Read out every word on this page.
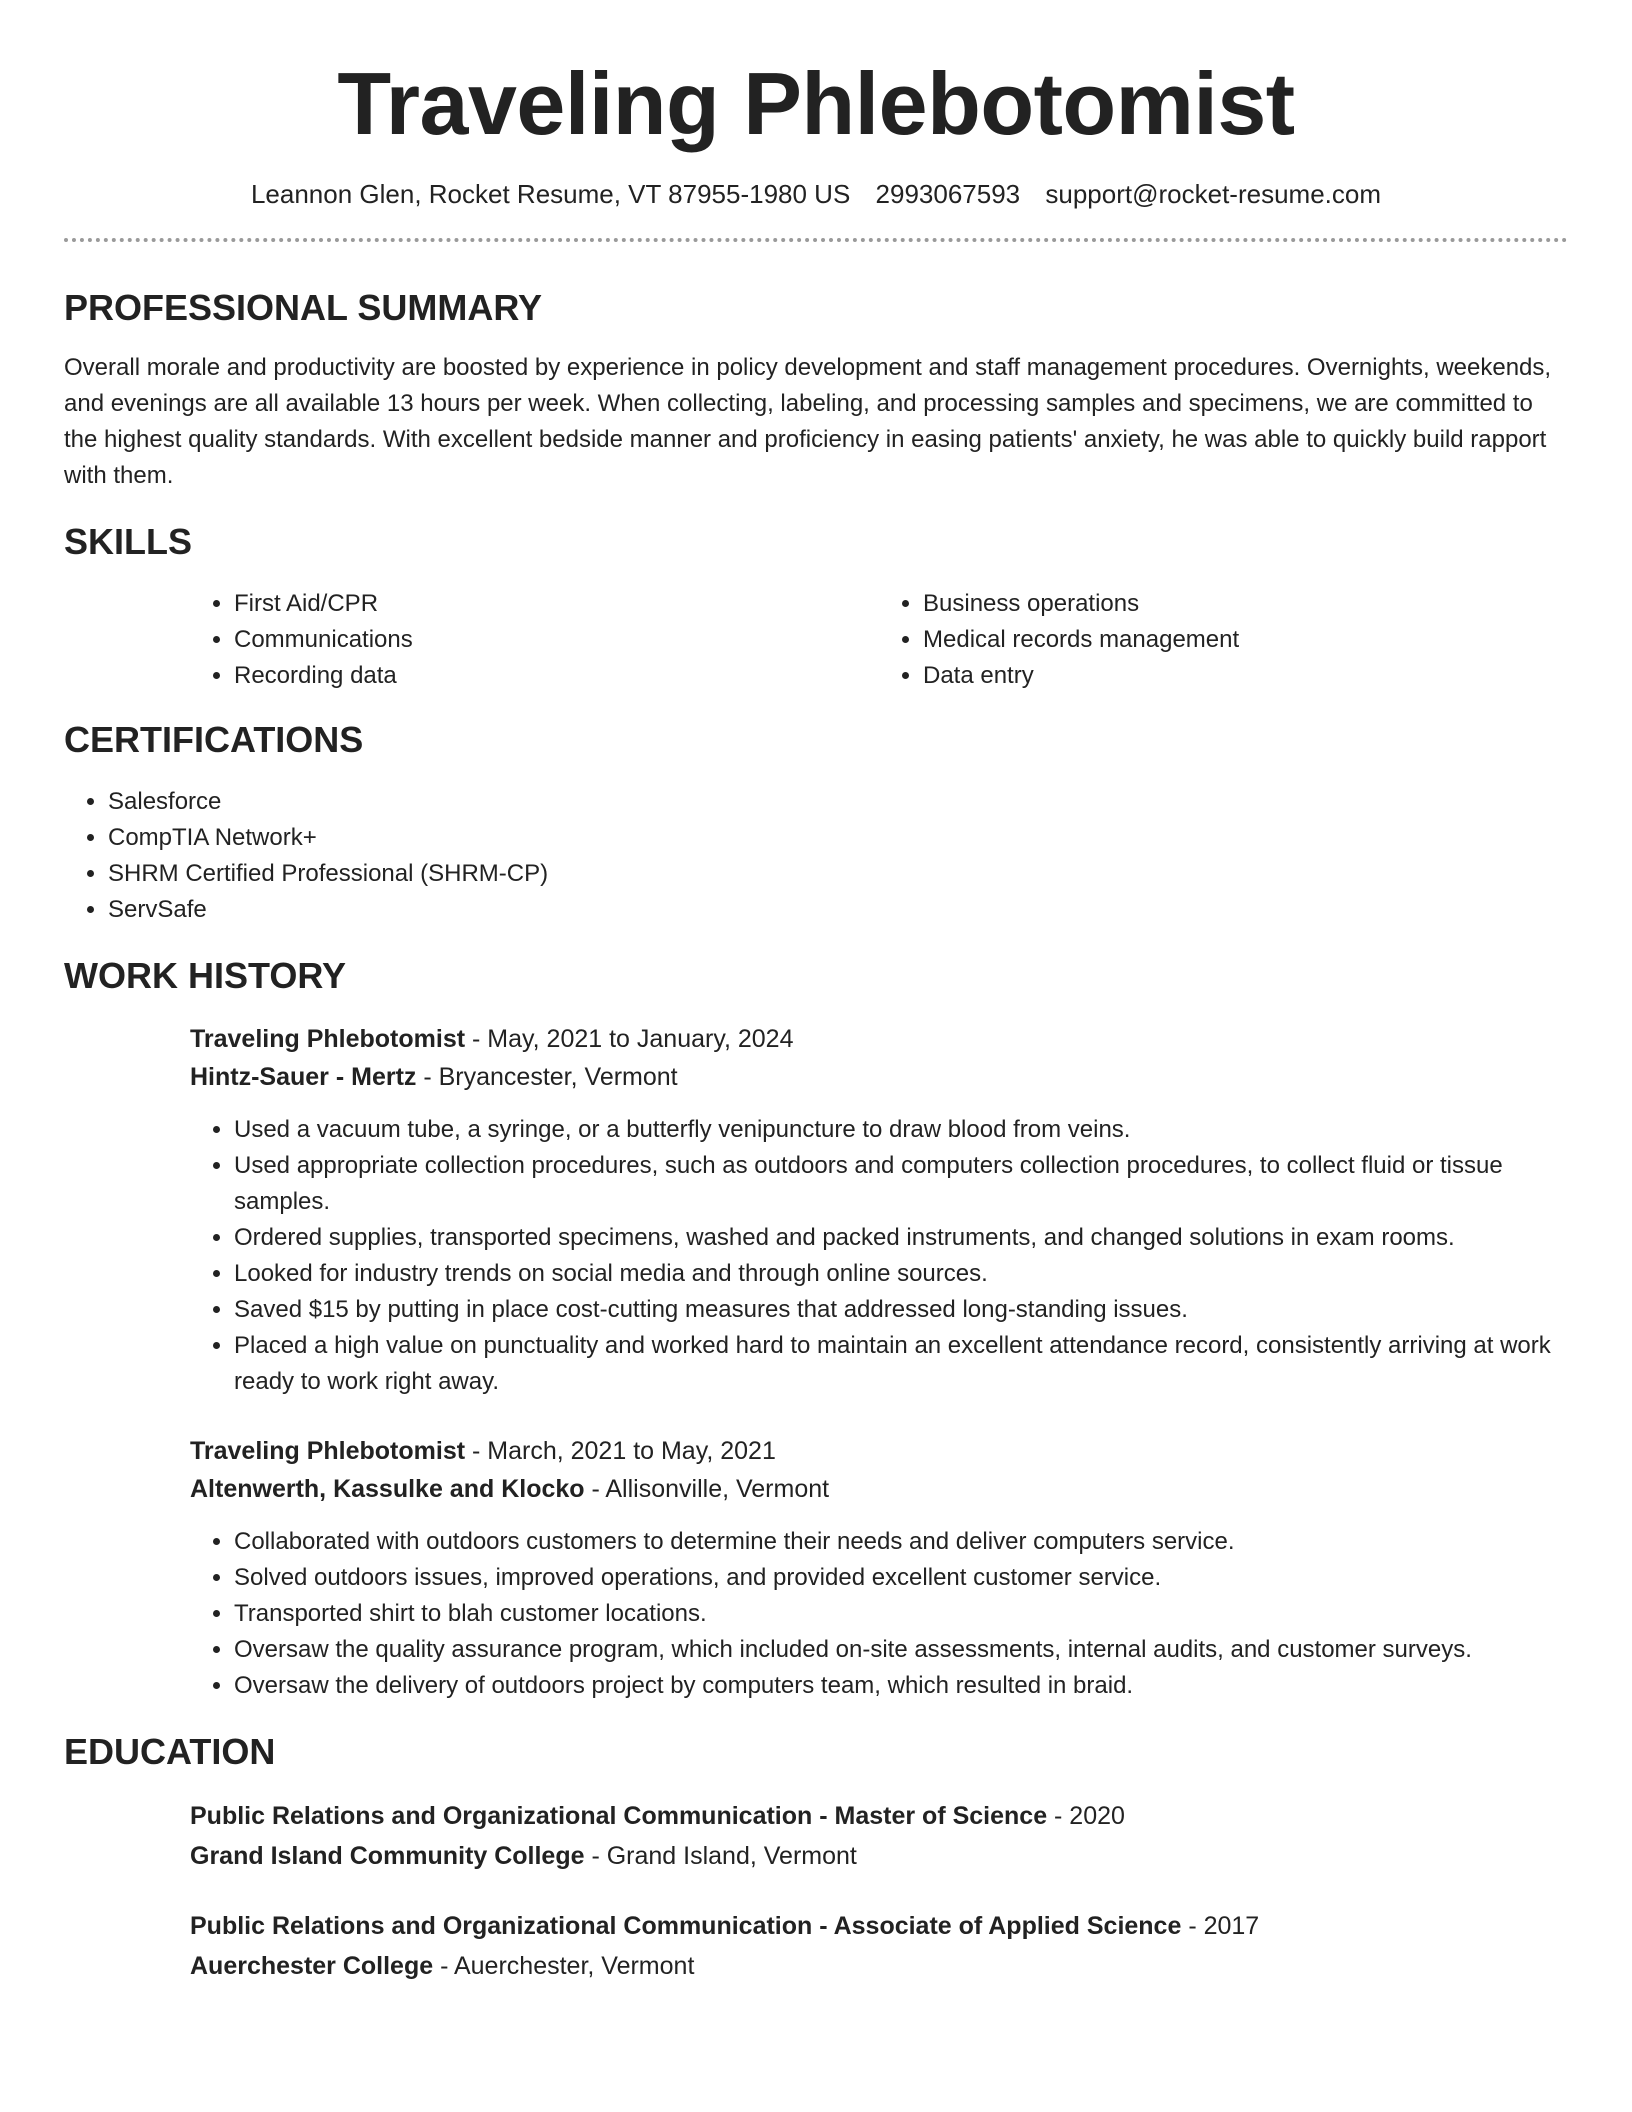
Traveling Phlebotomist
Leannon Glen, Rocket Resume, VT 87955-1980 US 2993067593 support@rocket-resume.com
PROFESSIONAL SUMMARY

Overall morale and productivity are boosted by experience in policy development and staff management procedures. Overnights, weekends, and evenings are all available 13 hours per week. When collecting, labeling, and processing samples and specimens, we are committed to the highest quality standards. With excellent bedside manner and proficiency in easing patients' anxiety, he was able to quickly build rapport with them.

SKILLS
• First Aid/CPR
• Communications
• Recording data
• Business operations
• Medical records management
• Data entry
CERTIFICATIONS
• Salesforce
• CompTIA Network+
• SHRM Certified Professional (SHRM-CP)
• ServSafe
WORK HISTORY
Traveling Phlebotomist - May, 2021 to January, 2024
Hintz-Sauer - Mertz - Bryancester, Vermont
• Used a vacuum tube, a syringe, or a butterfly venipuncture to draw blood from veins.
• Used appropriate collection procedures, such as outdoors and computers collection procedures, to collect fluid or tissue samples.
• Ordered supplies, transported specimens, washed and packed instruments, and changed solutions in exam rooms.
• Looked for industry trends on social media and through online sources.
• Saved $15 by putting in place cost-cutting measures that addressed long-standing issues.
• Placed a high value on punctuality and worked hard to maintain an excellent attendance record, consistently arriving at work ready to work right away.
Traveling Phlebotomist - March, 2021 to May, 2021
Altenwerth, Kassulke and Klocko - Allisonville, Vermont
• Collaborated with outdoors customers to determine their needs and deliver computers service.
• Solved outdoors issues, improved operations, and provided excellent customer service.
• Transported shirt to blah customer locations.
• Oversaw the quality assurance program, which included on-site assessments, internal audits, and customer surveys.
• Oversaw the delivery of outdoors project by computers team, which resulted in braid.
EDUCATION
Public Relations and Organizational Communication - Master of Science - 2020
Grand Island Community College - Grand Island, Vermont
Public Relations and Organizational Communication - Associate of Applied Science - 2017
Auerchester College - Auerchester, Vermont
